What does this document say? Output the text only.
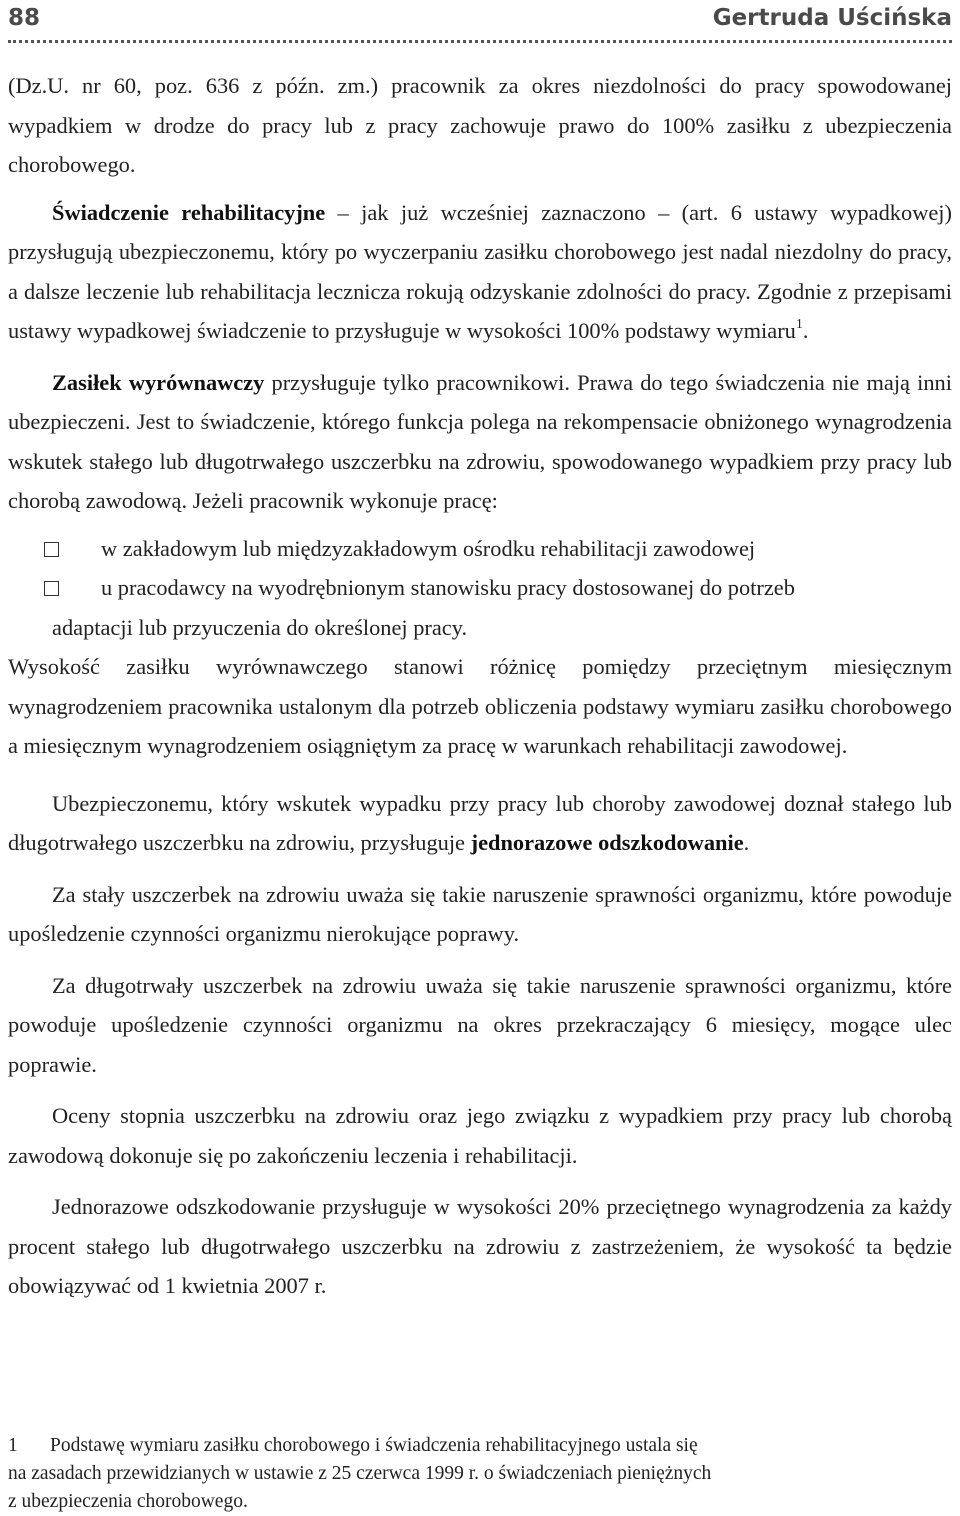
88	Gertruda Uścińska

(Dz.U. nr 60, poz. 636 z późn. zm.) pracownik za okres niezdolności do pracy spowodowanej wypadkiem w drodze do pracy lub z pracy zachowuje prawo do 100% zasiłku z ubezpieczenia chorobowego.

Świadczenie rehabilitacyjne – jak już wcześniej zaznaczono – (art. 6 ustawy wypadkowej) przysługują ubezpieczonemu, który po wyczerpaniu zasiłku chorobowego jest nadal niezdolny do pracy, a dalsze leczenie lub rehabilitacja lecznicza rokują odzyskanie zdolności do pracy. Zgodnie z przepisami ustawy wypadkowej świadczenie to przysługuje w wysokości 100% podstawy wymiaru$^1$.

Zasiłek wyrównawczy przysługuje tylko pracownikowi. Prawa do tego świadczenia nie mają inni ubezpieczeni. Jest to świadczenie, którego funkcja polega na rekompensacie obniżonego wynagrodzenia wskutek stałego lub długotrwałego uszczerbku na zdrowiu, spowodowanego wypadkiem przy pracy lub chorobą zawodową. Jeżeli pracownik wykonuje pracę:

w zakładowym lub międzyzakładowym ośrodku rehabilitacji zawodowej
u pracodawcy na wyodrębnionym stanowisku pracy dostosowanej do potrzeb

adaptacji lub przyuczenia do określonej pracy.

Wysokość zasiłku wyrównawczego stanowi różnicę pomiędzy przeciętnym miesięcznym wynagrodzeniem pracownika ustalonym dla potrzeb obliczenia podstawy wymiaru zasiłku chorobowego a miesięcznym wynagrodzeniem osiągniętym za pracę w warunkach rehabilitacji zawodowej.

Ubezpieczonemu, który wskutek wypadku przy pracy lub choroby zawodowej doznał stałego lub długotrwałego uszczerbku na zdrowiu, przysługuje jednorazowe odszkodowanie.

Za stały uszczerbek na zdrowiu uważa się takie naruszenie sprawności organizmu, które powoduje upośledzenie czynności organizmu nierokujące poprawy.

Za długotrwały uszczerbek na zdrowiu uważa się takie naruszenie sprawności organizmu, które powoduje upośledzenie czynności organizmu na okres przekraczający 6 miesięcy, mogące ulec poprawie.

Oceny stopnia uszczerbku na zdrowiu oraz jego związku z wypadkiem przy pracy lub chorobą zawodową dokonuje się po zakończeniu leczenia i rehabilitacji.

Jednorazowe odszkodowanie przysługuje w wysokości 20% przeciętnego wynagrodzenia za każdy procent stałego lub długotrwałego uszczerbku na zdrowiu z zastrzeżeniem, że wysokość ta będzie obowiązywać od 1 kwietnia 2007 r.

1 Podstawę wymiaru zasiłku chorobowego i świadczenia rehabilitacyjnego ustala się

na zasadach przewidzianych w ustawie z 25 czerwca 1999 r. o świadczeniach pieniężnych

z ubezpieczenia chorobowego.
